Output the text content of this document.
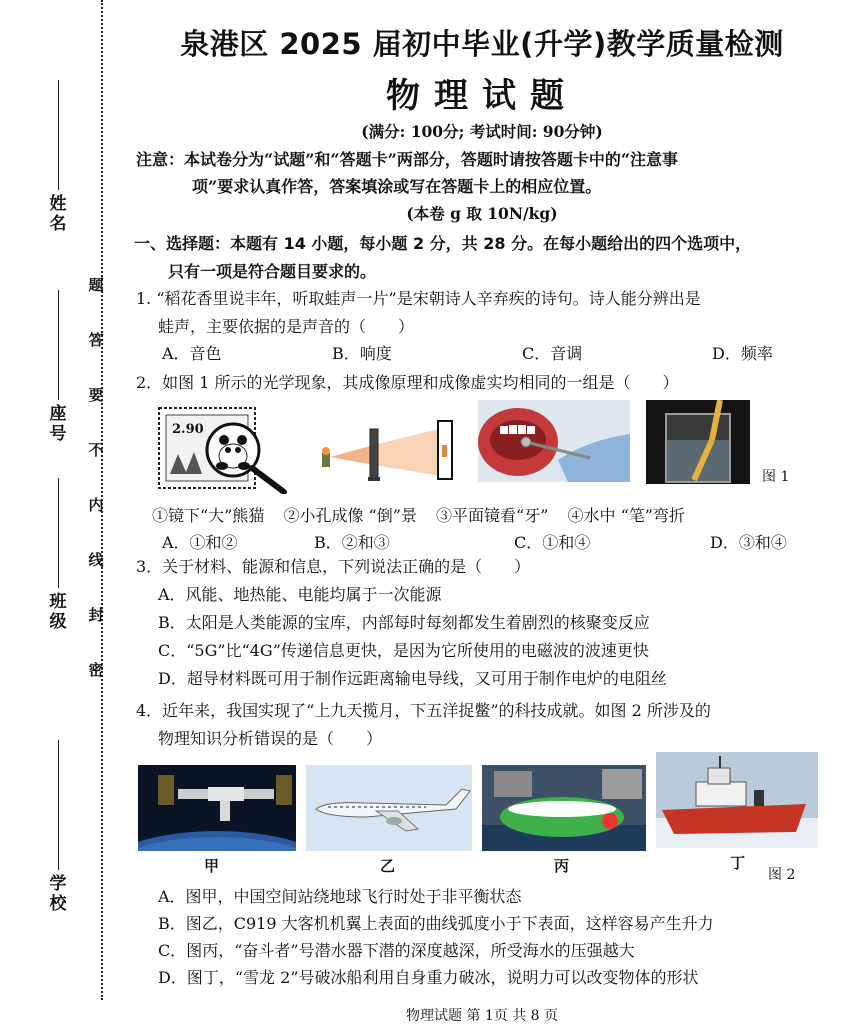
姓名
座号
班级
学校
题
答
要
不
内
线
封
密
泉港区 2025 届初中毕业(升学)教学质量检测
物理试题
(满分: 100分; 考试时间: 90分钟)
注意：本试卷分为“试题”和“答题卡”两部分，答题时请按答题卡中的“注意事
项”要求认真作答，答案填涂或写在答题卡上的相应位置。
(本卷 g 取 10N/kg)
一、选择题：本题有 14 小题，每小题 2 分，共 28 分。在每小题给出的四个选项中，
只有一项是符合题目要求的。
1. “稻花香里说丰年，听取蛙声一片”是宋朝诗人辛弃疾的诗句。诗人能分辨出是
蛙声，主要依据的是声音的（　　）
A．音色	B．响度	C．音调	D．频率
2．如图 1 所示的光学现象，其成像原理和成像虚实均相同的一组是（　　）
2.90
图 1
①镜下“大”熊猫 ②小孔成像 “倒”景 ③平面镜看“牙” ④水中 “笔”弯折
A．①和②	B．②和③	C．①和④	D．③和④
3．关于材料、能源和信息，下列说法正确的是（　　）
A．风能、地热能、电能均属于一次能源
B．太阳是人类能源的宝库，内部每时每刻都发生着剧烈的核聚变反应
C．“5G”比“4G”传递信息更快，是因为它所使用的电磁波的波速更快
D．超导材料既可用于制作远距离输电导线，又可用于制作电炉的电阻丝
4．近年来，我国实现了“上九天揽月，下五洋捉鳖”的科技成就。如图 2 所涉及的
物理知识分析错误的是（　　）
甲	乙	丙	丁
图 2
A．图甲，中国空间站绕地球飞行时处于非平衡状态
B．图乙，C919 大客机机翼上表面的曲线弧度小于下表面，这样容易产生升力
C．图丙，“奋斗者”号潜水器下潜的深度越深，所受海水的压强越大
D．图丁，“雪龙 2”号破冰船利用自身重力破冰，说明力可以改变物体的形状
物理试题 第 1页 共 8 页
